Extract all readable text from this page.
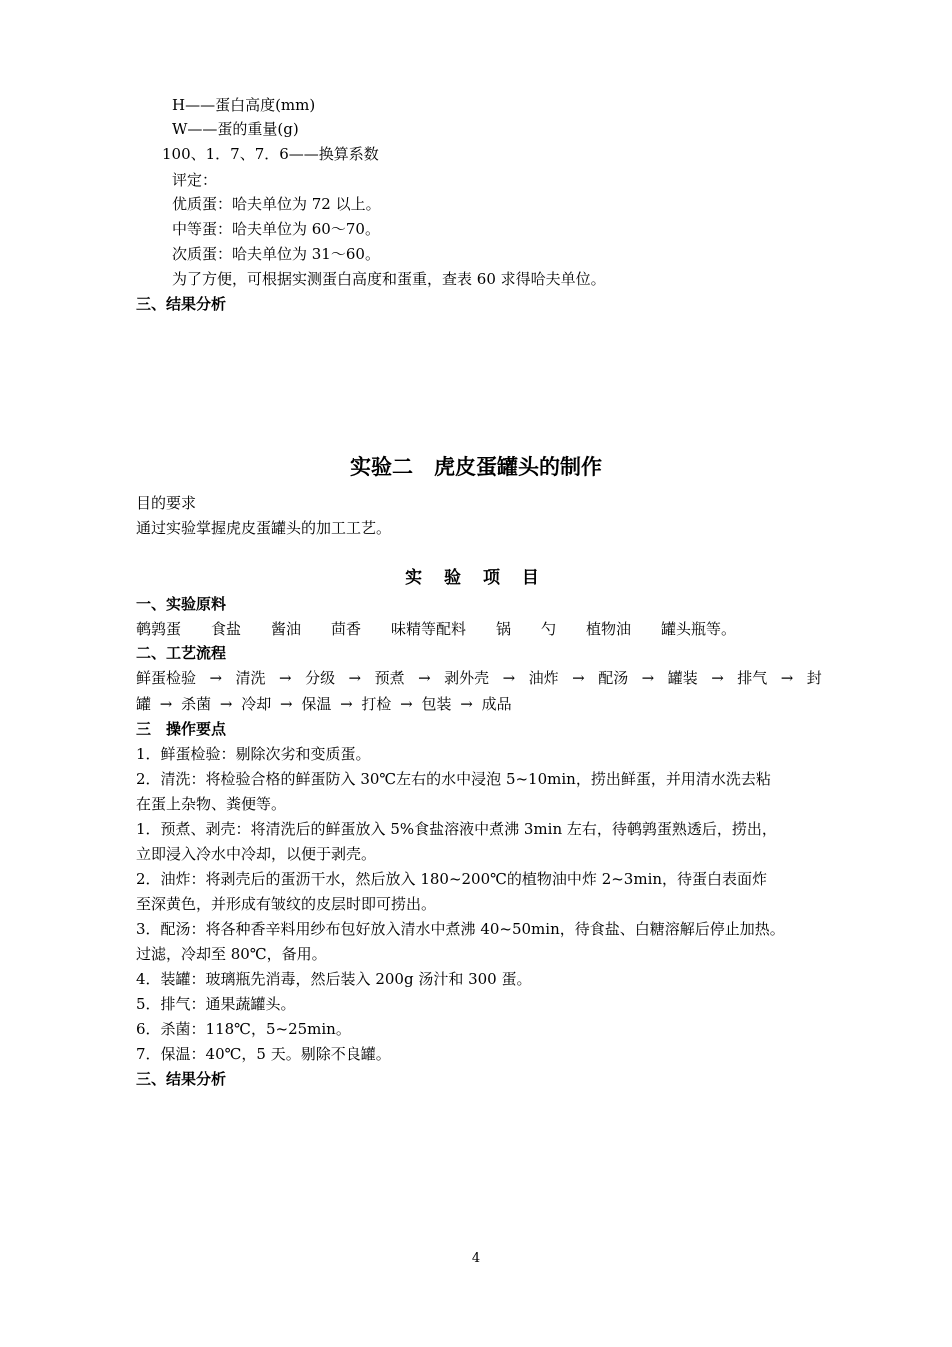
H——蛋白高度(mm)
W——蛋的重量(g)
100、1．7、7．6——换算系数
评定：
优质蛋：哈夫单位为 72 以上。
中等蛋：哈夫单位为 60～70。
次质蛋：哈夫单位为 31～60。
为了方便，可根据实测蛋白高度和蛋重，查表 60 求得哈夫单位。
三、结果分析
实验二　虎皮蛋罐头的制作
目的要求
通过实验掌握虎皮蛋罐头的加工工艺。
实 验 项 目
一、实验原料
鹌鹑蛋　　食盐　　酱油　　茴香　　味精等配料　　锅　　勺　　植物油　　罐头瓶等。
二、工艺流程
鲜蛋检验 → 清洗 → 分级 → 预煮 → 剥外壳 → 油炸 → 配汤 → 罐装 → 排气 → 封
罐 → 杀菌 → 冷却 → 保温 → 打检 → 包装 → 成品
三　操作要点
1．鲜蛋检验：剔除次劣和变质蛋。
2．清洗：将检验合格的鲜蛋防入 30℃左右的水中浸泡 5~10min，捞出鲜蛋，并用清水洗去粘
在蛋上杂物、粪便等。
1．预煮、剥壳：将清洗后的鲜蛋放入 5%食盐溶液中煮沸 3min 左右，待鹌鹑蛋熟透后，捞出，
立即浸入冷水中冷却，以便于剥壳。
2．油炸：将剥壳后的蛋沥干水，然后放入 180~200℃的植物油中炸 2~3min，待蛋白表面炸
至深黄色，并形成有皱纹的皮层时即可捞出。
3．配汤：将各种香辛料用纱布包好放入清水中煮沸 40~50min，待食盐、白糖溶解后停止加热。
过滤，冷却至 80℃，备用。
4．装罐：玻璃瓶先消毒，然后装入 200g 汤汁和 300 蛋。
5．排气：通果蔬罐头。
6．杀菌：118℃，5~25min。
7．保温：40℃，5 天。剔除不良罐。
三、结果分析
4
